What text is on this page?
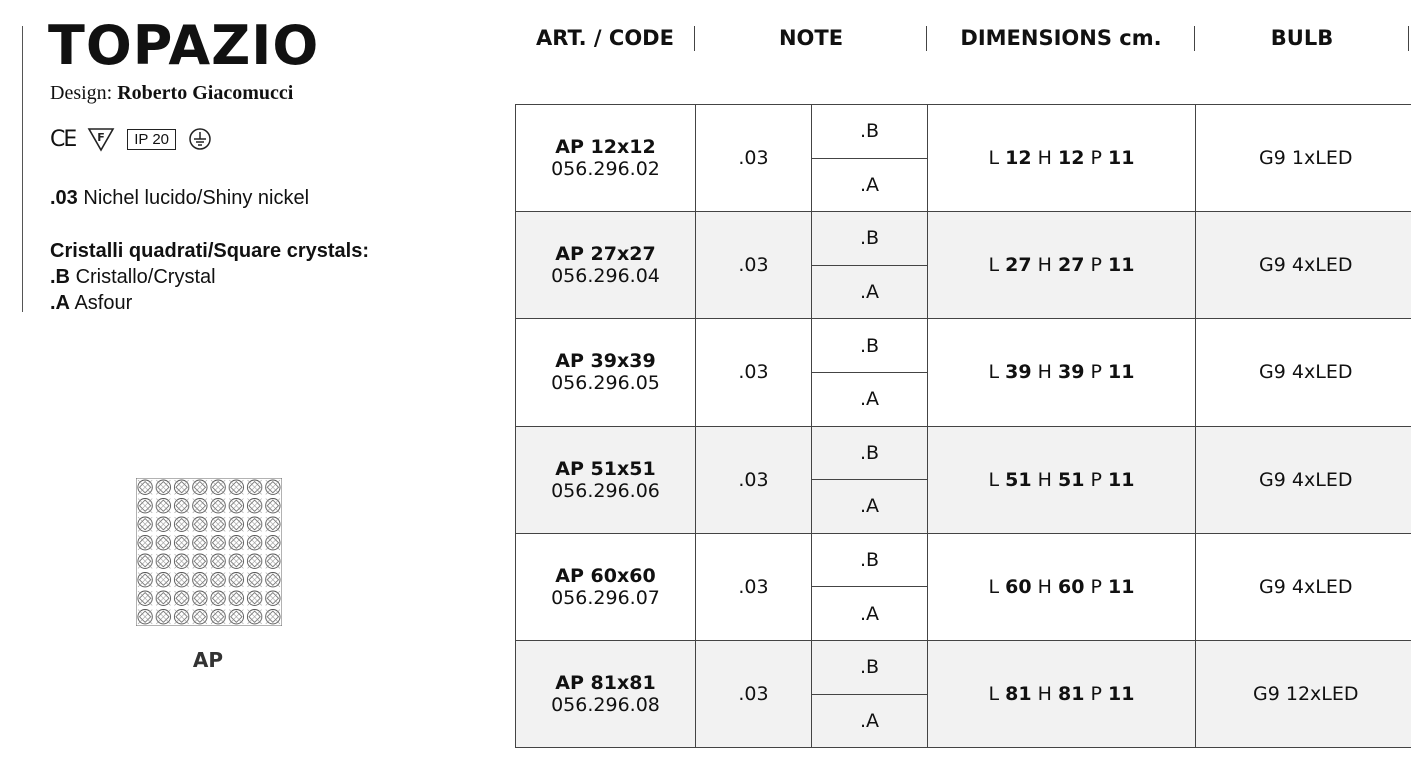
TOPAZIO
Design: Roberto Giacomucci
CE F	IP 20
.03 Nichel lucido/Shiny nickel
Cristalli quadrati/Square crystals:
.B Cristallo/Crystal
.A Asfour
AP
ART. / CODE	NOTE	DIMENSIONS cm.	BULB
AP 12x12
056.296.02	.03	.B	L 12 H 12 P 11	G9 1xLED
		.A		
AP 27x27
056.296.04	.03	.B	L 27 H 27 P 11	G9 4xLED
		.A		
AP 39x39
056.296.05	.03	.B	L 39 H 39 P 11	G9 4xLED
		.A		
AP 51x51
056.296.06	.03	.B	L 51 H 51 P 11	G9 4xLED
		.A		
AP 60x60
056.296.07	.03	.B	L 60 H 60 P 11	G9 4xLED
		.A		
AP 81x81
056.296.08	.03	.B	L 81 H 81 P 11	G9 12xLED
		.A		
